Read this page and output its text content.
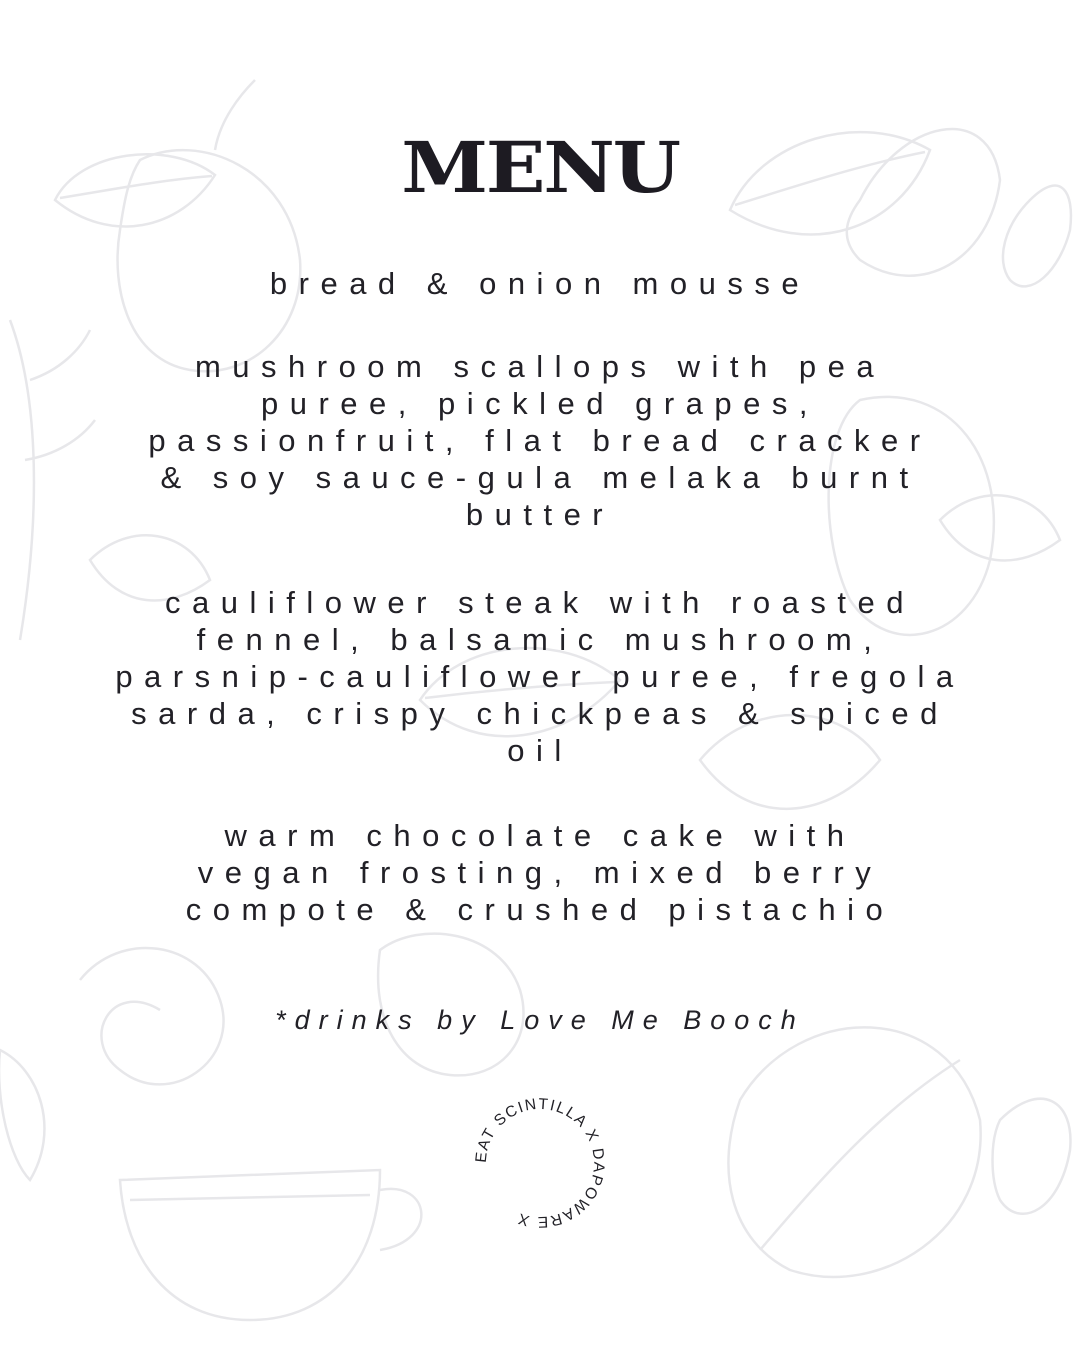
MENU
bread & onion mousse
mushroom scallops with pea
puree, pickled grapes,
passionfruit, flat bread cracker
& soy sauce-gula melaka burnt
butter
cauliflower steak with roasted
fennel, balsamic mushroom,
parsnip-cauliflower puree, fregola
sarda, crispy chickpeas & spiced
oil
warm chocolate cake with
vegan frosting, mixed berry
compote & crushed pistachio
*drinks by Love Me Booch
EAT SCINTILLA X DAPOWARE X
